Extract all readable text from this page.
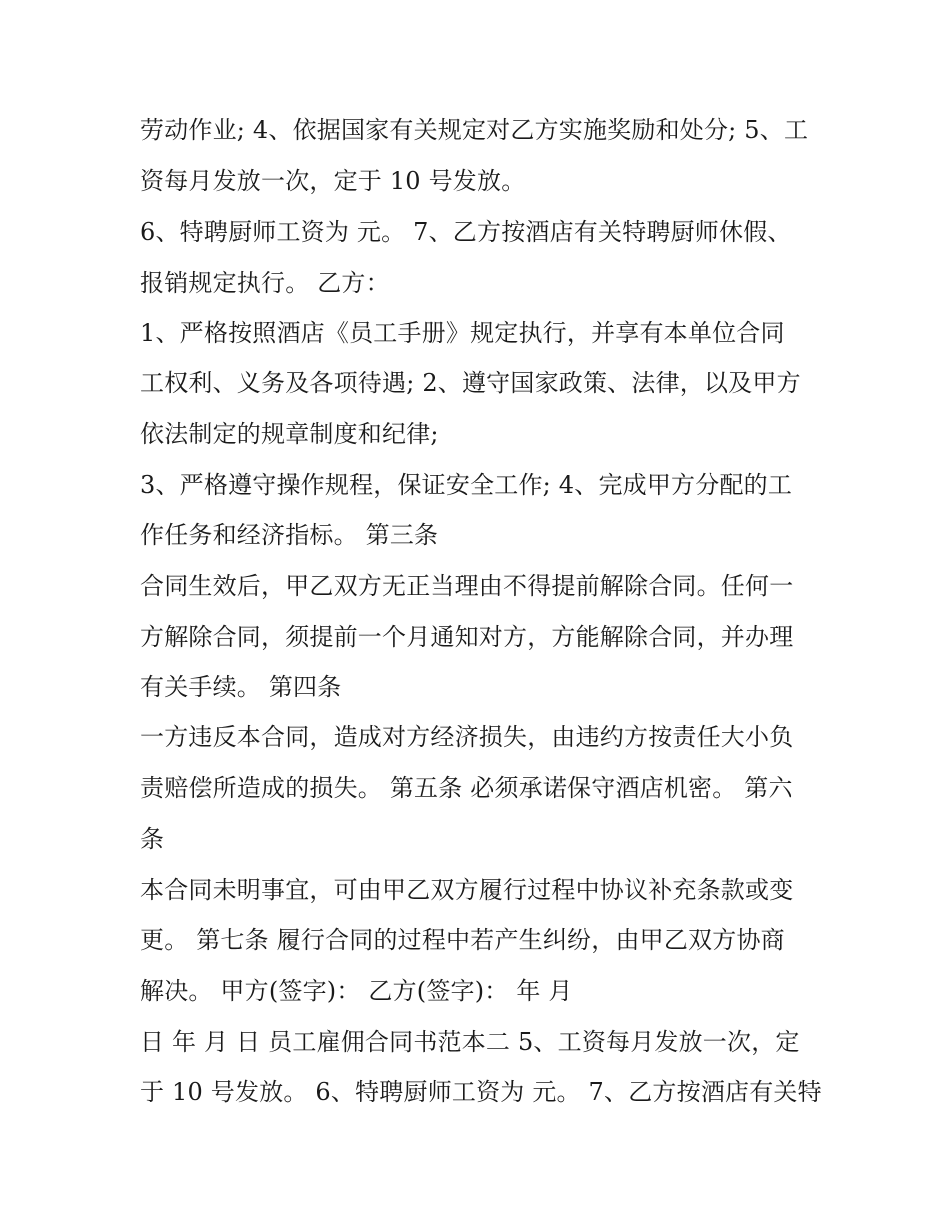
劳动作业; 4、依据国家有关规定对乙方实施奖励和处分; 5、工

资每月发放一次，定于 10 号发放。

6、特聘厨师工资为 元。 7、乙方按酒店有关特聘厨师休假、

报销规定执行。 乙方：

1、严格按照酒店《员工手册》规定执行，并享有本单位合同

工权利、义务及各项待遇; 2、遵守国家政策、法律，以及甲方

依法制定的规章制度和纪律;

3、严格遵守操作规程，保证安全工作; 4、完成甲方分配的工

作任务和经济指标。 第三条

合同生效后，甲乙双方无正当理由不得提前解除合同。任何一

方解除合同，须提前一个月通知对方，方能解除合同，并办理

有关手续。 第四条

一方违反本合同，造成对方经济损失，由违约方按责任大小负

责赔偿所造成的损失。 第五条 必须承诺保守酒店机密。 第六

条

本合同未明事宜，可由甲乙双方履行过程中协议补充条款或变

更。 第七条 履行合同的过程中若产生纠纷，由甲乙双方协商

解决。 甲方(签字)： 乙方(签字)： 年 月

日 年 月 日 员工雇佣合同书范本二 5、工资每月发放一次，定

于 10 号发放。 6、特聘厨师工资为 元。 7、乙方按酒店有关特
